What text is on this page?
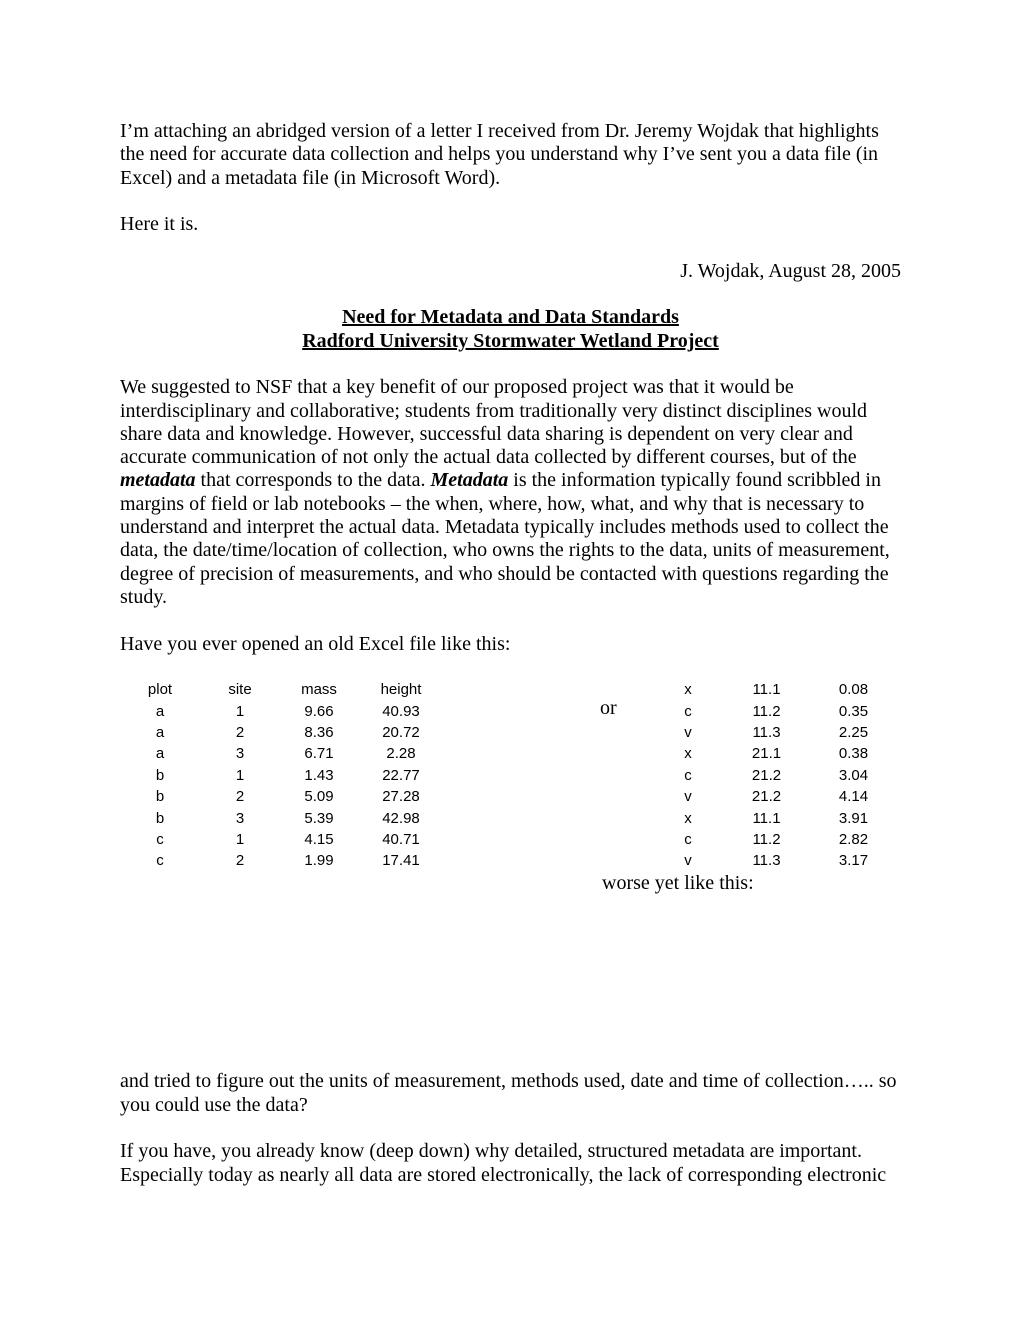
I’m attaching an abridged version of a letter I received from Dr. Jeremy Wojdak that highlights the need for accurate data collection and helps you understand why I’ve sent you a data file (in Excel) and a metadata file (in Microsoft Word).

Here it is.

J. Wojdak, August 28, 2005

Need for Metadata and Data Standards
Radford University Stormwater Wetland Project

We suggested to NSF that a key benefit of our proposed project was that it would be interdisciplinary and collaborative; students from traditionally very distinct disciplines would share data and knowledge. However, successful data sharing is dependent on very clear and accurate communication of not only the actual data collected by different courses, but of the metadata that corresponds to the data. Metadata is the information typically found scribbled in margins of field or lab notebooks – the when, where, how, what, and why that is necessary to understand and interpret the actual data. Metadata typically includes methods used to collect the data, the date/time/location of collection, who owns the rights to the data, units of measurement, degree of precision of measurements, and who should be contacted with questions regarding the study.

Have you ever opened an old Excel file like this:

plot	site	mass	height
a	1	9.66	40.93
a	2	8.36	20.72
a	3	6.71	2.28
b	1	1.43	22.77
b	2	5.09	27.28
b	3	5.39	42.98
c	1	4.15	40.71
c	2	1.99	17.41
or
x	11.1	0.08
c	11.2	0.35
v	11.3	2.25
x	21.1	0.38
c	21.2	3.04
v	21.2	4.14
x	11.1	3.91
c	11.2	2.82
v	11.3	3.17

worse yet like this:

and tried to figure out the units of measurement, methods used, date and time of collection….. so you could use the data?

If you have, you already know (deep down) why detailed, structured metadata are important. Especially today as nearly all data are stored electronically, the lack of corresponding electronic
